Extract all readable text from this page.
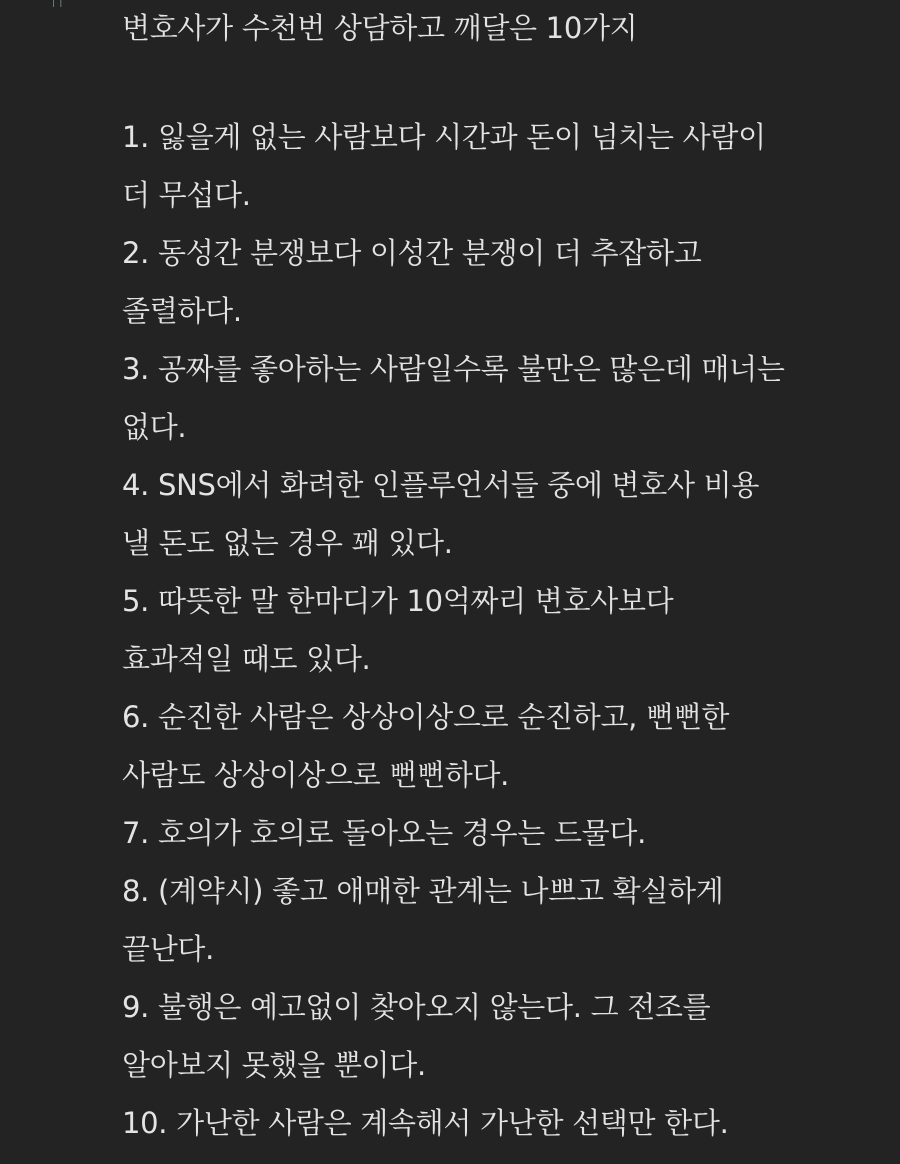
╷╷
변호사가 수천번 상담하고 깨달은 10가지
1. 잃을게 없는 사람보다 시간과 돈이 넘치는 사람이
더 무섭다.
2. 동성간 분쟁보다 이성간 분쟁이 더 추잡하고
졸렬하다.
3. 공짜를 좋아하는 사람일수록 불만은 많은데 매너는
없다.
4. SNS에서 화려한 인플루언서들 중에 변호사 비용
낼 돈도 없는 경우 꽤 있다.
5. 따뜻한 말 한마디가 10억짜리 변호사보다
효과적일 때도 있다.
6. 순진한 사람은 상상이상으로 순진하고, 뻔뻔한
사람도 상상이상으로 뻔뻔하다.
7. 호의가 호의로 돌아오는 경우는 드물다.
8. (계약시) 좋고 애매한 관계는 나쁘고 확실하게
끝난다.
9. 불행은 예고없이 찾아오지 않는다. 그 전조를
알아보지 못했을 뿐이다.
10. 가난한 사람은 계속해서 가난한 선택만 한다.
